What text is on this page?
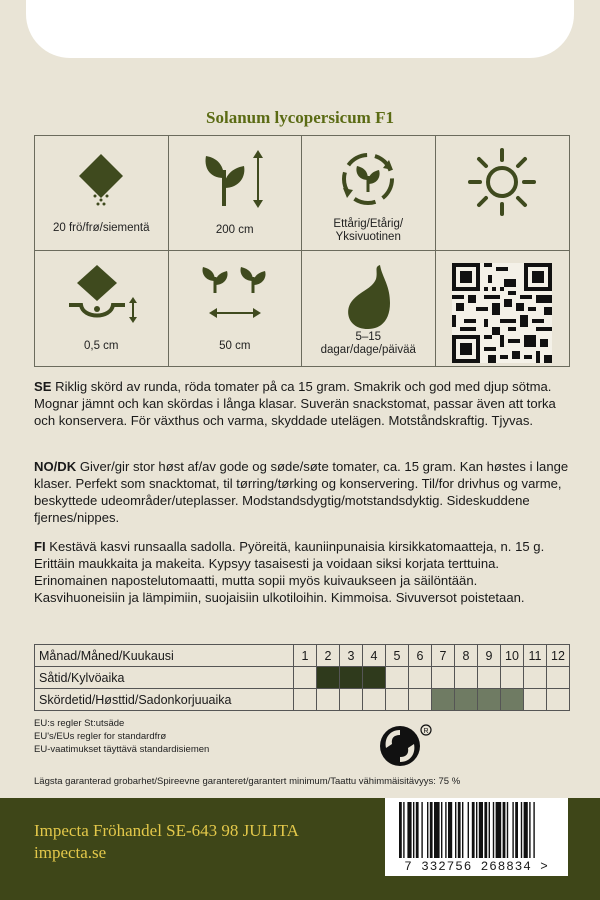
Solanum lycopersicum F1
20 frö/frø/siementä	200 cm	Ettårig/Etårig/
Yksivuotinen
0,5 cm	50 cm
5–15
dagar/dage/päivää
SE Riklig skörd av runda, röda tomater på ca 15 gram. Smakrik och god med djup sötma. Mognar jämnt och kan skördas i långa klasar. Suverän snackstomat, passar även att torka och konservera. För växthus och varma, skyddade utelägen. Motståndskraftig. Tjyvas.
NO/DK Giver/gir stor høst af/av gode og søde/søte tomater, ca. 15 gram. Kan høstes i lange klaser. Perfekt som snacktomat, til tørring/tørking og konservering. Til/for drivhus og varme, beskyttede udeområder/uteplasser. Modstandsdygtig/motstandsdyktig. Sideskuddene fjernes/nippes.
FI Kestävä kasvi runsaalla sadolla. Pyöreitä, kauniinpunaisia kirsikkatomaatteja, n. 15 g. Erittäin maukkaita ja makeita. Kypsyy tasaisesti ja voidaan siksi korjata terttuina. Erinomainen napostelutomaatti, mutta sopii myös kuivaukseen ja säilöntään. Kasvihuoneisiin ja lämpimiin, suojaisiin ulkotiloihin. Kimmoisa. Sivuversot poistetaan.
Månad/Måned/Kuukausi	1	2	3	4	5	6	7	8	9	10	11	12
Såtid/Kylvöaika												
Skördetid/Høsttid/Sadonkorjuuaika												
EU:s regler St:utsäde
EU's/EUs regler for standardfrø
EU-vaatimukset täyttävä standardisiemen
R
Lägsta garanterad grobarhet/Spireevne garanteret/garantert minimum/Taattu vähimmäisitävyys: 75 %
Impecta Fröhandel SE-643 98 JULITA
impecta.se
7 332756 268834 >
